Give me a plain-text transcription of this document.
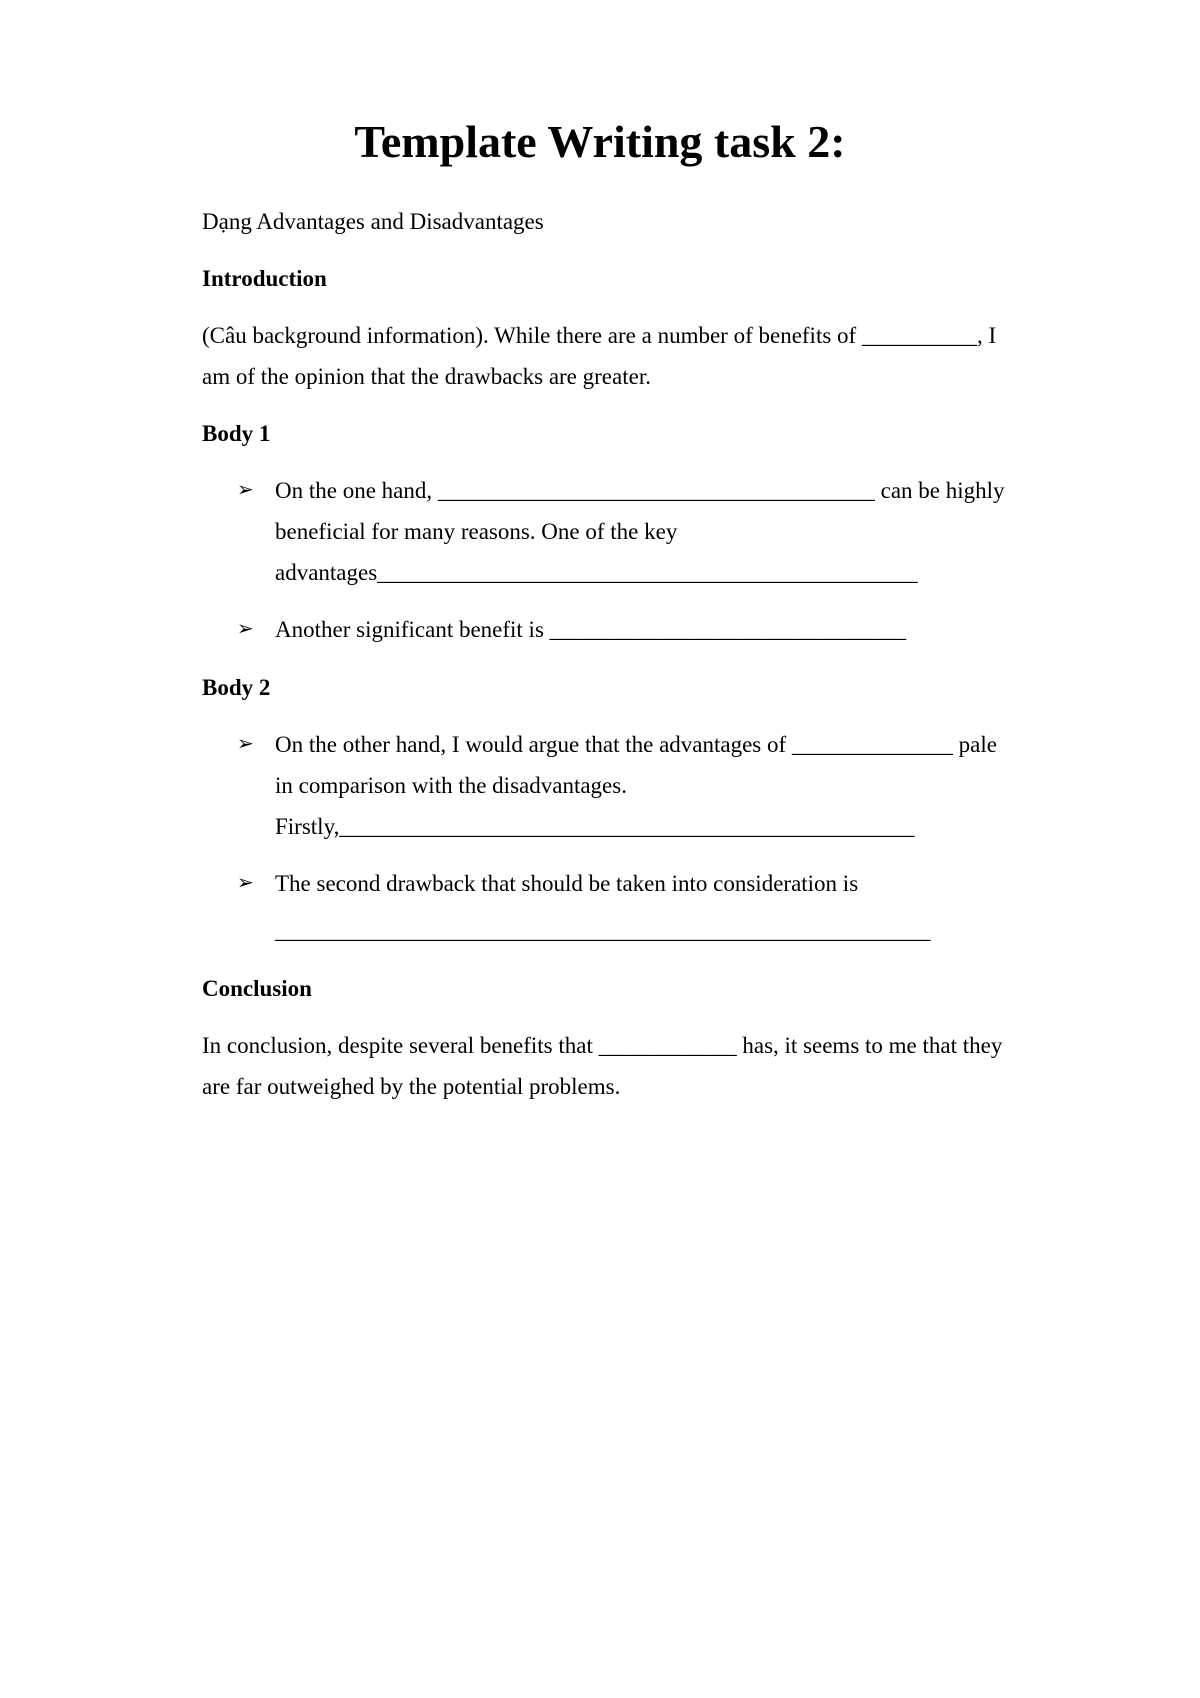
Template Writing task 2:

Dạng Advantages and Disadvantages

Introduction

(Câu background information). While there are a number of benefits of __________, I
am of the opinion that the drawbacks are greater.

Body 1

➢ On the one hand, ______________________________________ can be highly
beneficial for many reasons. One of the key
advantages_______________________________________________

➢ Another significant benefit is _______________________________

Body 2

➢ On the other hand, I would argue that the advantages of ______________ pale
in comparison with the disadvantages.
Firstly,__________________________________________________

➢ The second drawback that should be taken into consideration is

_________________________________________________________

Conclusion

In conclusion, despite several benefits that ____________ has, it seems to me that they
are far outweighed by the potential problems.
